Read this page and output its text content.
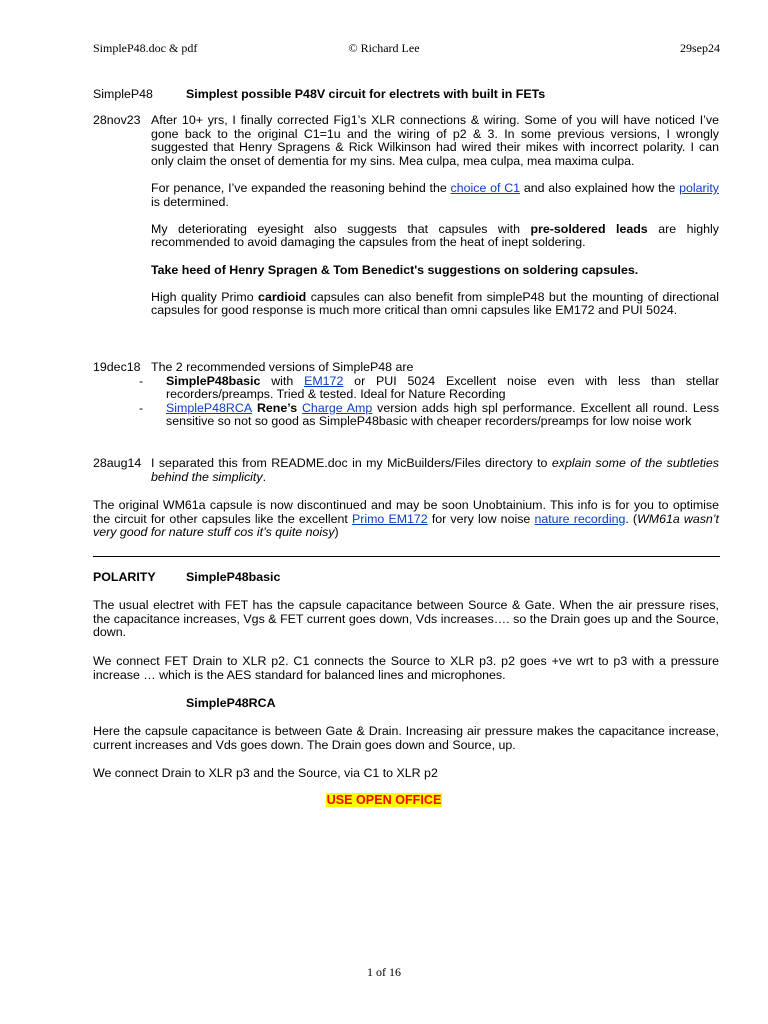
SimpleP48.doc & pdf	© Richard Lee	29sep24
SimpleP48	Simplest possible P48V circuit for electrets with built in FETs
28nov23 After 10+ yrs, I finally corrected Fig1’s XLR connections & wiring. Some of you will have noticed I’ve gone back to the original C1=1u and the wiring of p2 & 3. In some previous versions, I wrongly suggested that Henry Spragens & Rick Wilkinson had wired their mikes with incorrect polarity. I can only claim the onset of dementia for my sins. Mea culpa, mea culpa, mea maxima culpa.

For penance, I’ve expanded the reasoning behind the choice of C1 and also explained how the polarity is determined.

My deteriorating eyesight also suggests that capsules with pre-soldered leads are highly recommended to avoid damaging the capsules from the heat of inept soldering.

Take heed of Henry Spragen & Tom Benedict's suggestions on soldering capsules.

High quality Primo cardioid capsules can also benefit from simpleP48 but the mounting of directional capsules for good response is much more critical than omni capsules like EM172 and PUI 5024.

19dec18 The 2 recommended versions of SimpleP48 are
- SimpleP48basic with EM172 or PUI 5024 Excellent noise even with less than stellar recorders/preamps. Tried & tested. Ideal for Nature Recording
- SimpleP48RCA Rene’s Charge Amp version adds high spl performance. Excellent all round. Less sensitive so not so good as SimpleP48basic with cheaper recorders/preamps for low noise work
28aug14 I separated this from README.doc in my MicBuilders/Files directory to explain some of the subtleties behind the simplicity.
The original WM61a capsule is now discontinued and may be soon Unobtainium. This info is for you to optimise the circuit for other capsules like the excellent Primo EM172 for very low noise nature recording. (WM61a wasn’t very good for nature stuff cos it’s quite noisy)
POLARITY SimpleP48basic
The usual electret with FET has the capsule capacitance between Source & Gate. When the air pressure rises, the capacitance increases, Vgs & FET current goes down, Vds increases…. so the Drain goes up and the Source, down.
We connect FET Drain to XLR p2. C1 connects the Source to XLR p3. p2 goes +ve wrt to p3 with a pressure increase … which is the AES standard for balanced lines and microphones.
SimpleP48RCA
Here the capsule capacitance is between Gate & Drain. Increasing air pressure makes the capacitance increase, current increases and Vds goes down. The Drain goes down and Source, up.
We connect Drain to XLR p3 and the Source, via C1 to XLR p2
USE OPEN OFFICE
1 of 16
